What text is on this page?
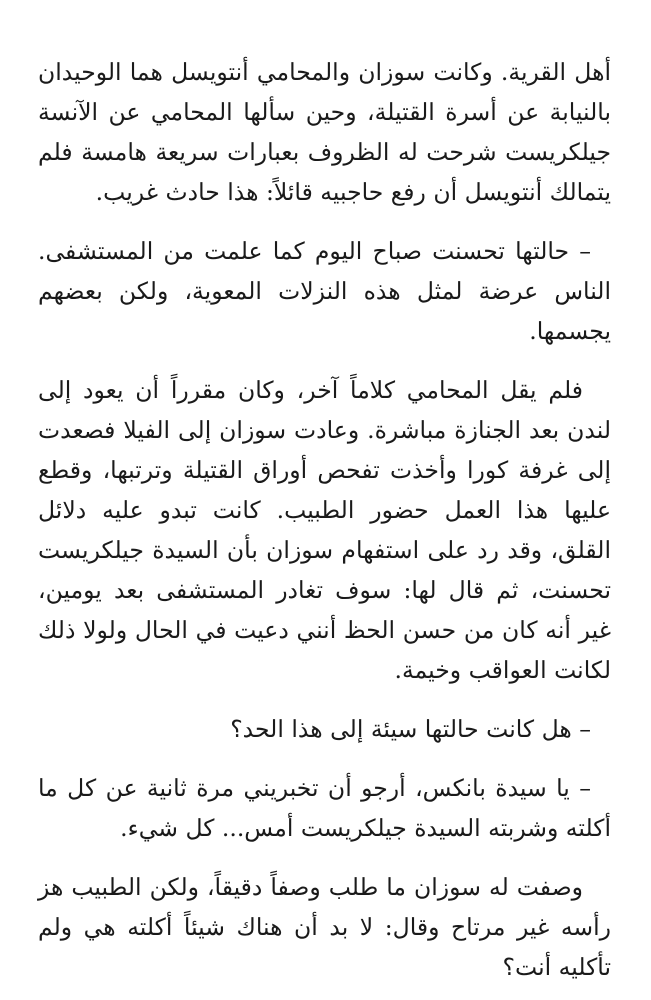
أهل القرية. وكانت سوزان والمحامي أنتويسل هما الوحيدان بالنيابة عن أسرة القتيلة، وحين سألها المحامي عن الآنسة جيلكريست شرحت له الظروف بعبارات سريعة هامسة فلم يتمالك أنتويسل أن رفع حاجبيه قائلاً: هذا حادث غريب.

– حالتها تحسنت صباح اليوم كما علمت من المستشفى. الناس عرضة لمثل هذه النزلات المعوية، ولكن بعضهم يجسمها.

فلم يقل المحامي كلاماً آخر، وكان مقرراً أن يعود إلى لندن بعد الجنازة مباشرة. وعادت سوزان إلى الفيلا فصعدت إلى غرفة كورا وأخذت تفحص أوراق القتيلة وترتبها، وقطع عليها هذا العمل حضور الطبيب. كانت تبدو عليه دلائل القلق، وقد رد على استفهام سوزان بأن السيدة جيلكريست تحسنت، ثم قال لها: سوف تغادر المستشفى بعد يومين، غير أنه كان من حسن الحظ أنني دعيت في الحال ولولا ذلك لكانت العواقب وخيمة.

– هل كانت حالتها سيئة إلى هذا الحد؟

– يا سيدة بانكس، أرجو أن تخبريني مرة ثانية عن كل ما أكلته وشربته السيدة جيلكريست أمس... كل شيء.

وصفت له سوزان ما طلب وصفاً دقيقاً، ولكن الطبيب هز رأسه غير مرتاح وقال: لا بد أن هناك شيئاً أكلته هي ولم تأكليه أنت؟
